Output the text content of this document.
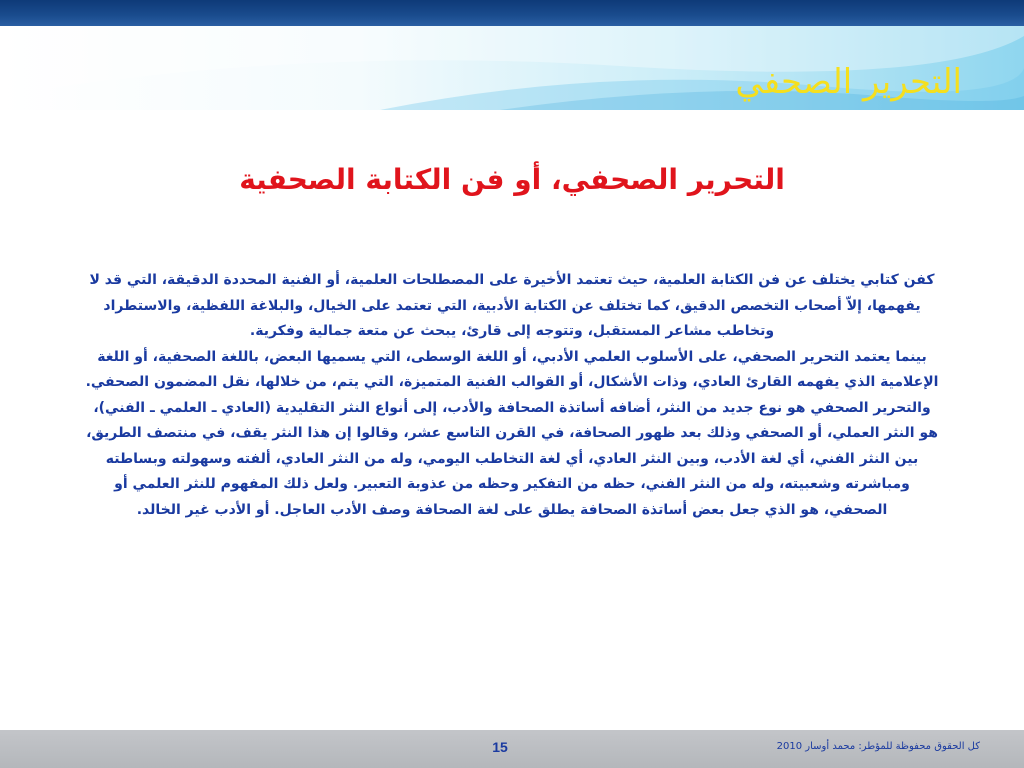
التحرير الصحفي
التحرير الصحفي، أو فن الكتابة الصحفية

كفن كتابي يختلف عن فن الكتابة العلمية، حيث تعتمد الأخيرة على المصطلحات العلمية، أو الفنية المحددة الدقيقة، التي قد لا يفهمها، إلاّ أصحاب التخصص الدقيق، كما تختلف عن الكتابة الأدبية، التي تعتمد على الخيال، والبلاغة اللفظية، والاستطراد وتخاطب مشاعر المستقبل، وتتوجه إلى قارئ، يبحث عن متعة جمالية وفكرية.

بينما يعتمد التحرير الصحفي، على الأسلوب العلمي الأدبي، أو اللغة الوسطى، التي يسميها البعض، باللغة الصحفية، أو اللغة الإعلامية الذي يفهمه القارئ العادي، وذات الأشكال، أو القوالب الفنية المتميزة، التي يتم، من خلالها، نقل المضمون الصحفي.

والتحرير الصحفي هو نوع جديد من النثر، أضافه أساتذة الصحافة والأدب، إلى أنواع النثر التقليدية (العادي ـ العلمي ـ الفني)، هو النثر العملي، أو الصحفي وذلك بعد ظهور الصحافة، في القرن التاسع عشر، وقالوا إن هذا النثر يقف، في منتصف الطريق، بين النثر الفني، أي لغة الأدب، وبين النثر العادي، أي لغة التخاطب اليومي، وله من النثر العادي، ألفته وسهولته وبساطته ومباشرته وشعبيته، وله من النثر الفني، حظه من التفكير وحظه من عذوبة التعبير. ولعل ذلك المفهوم للنثر العلمي أو الصحفي، هو الذي جعل بعض أساتذة الصحافة يطلق على لغة الصحافة وصف الأدب العاجل. أو الأدب غير الخالد.

15	كل الحقوق محفوظة للمؤطر: محمد أوسار 2010
